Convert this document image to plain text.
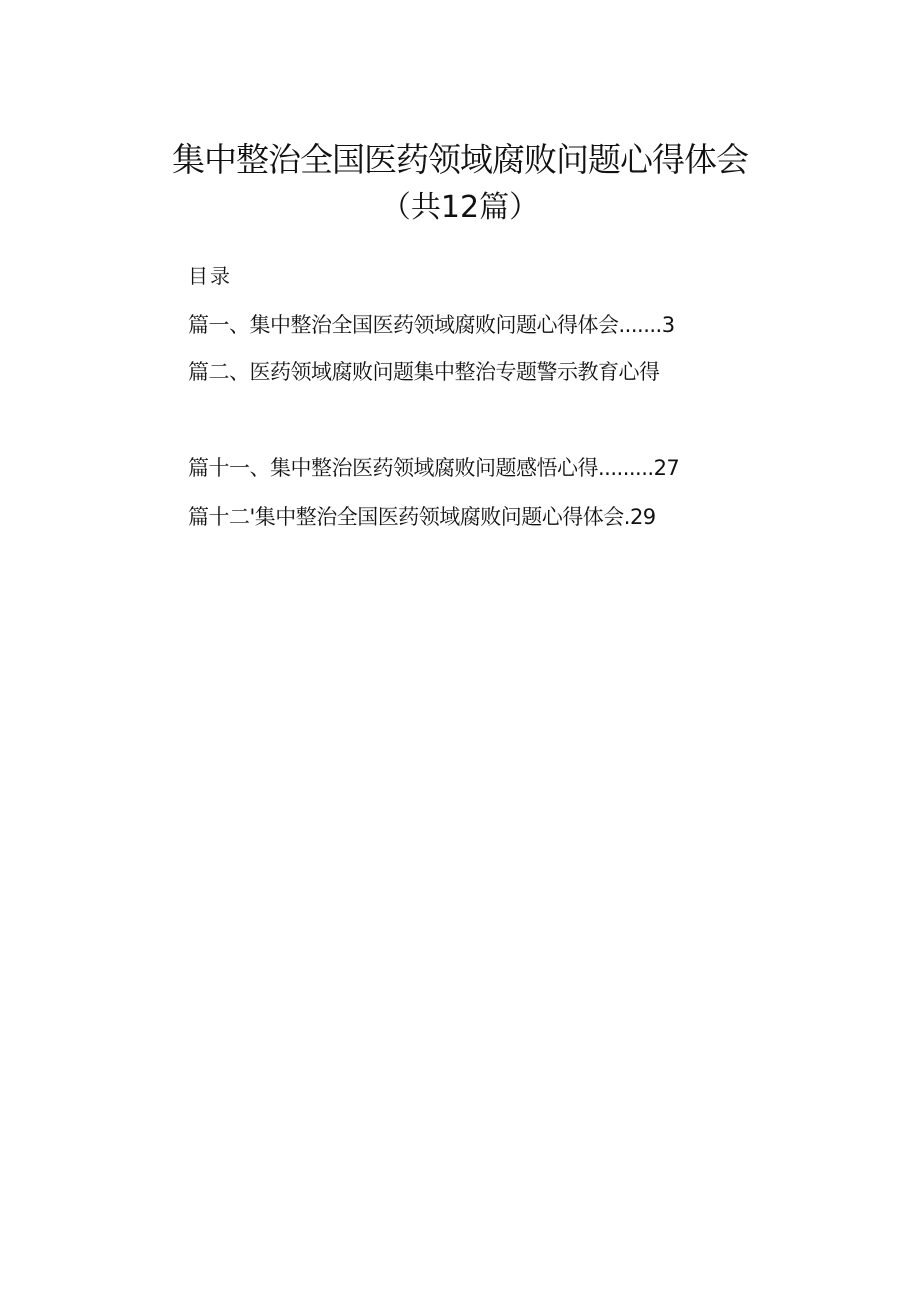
集中整治全国医药领域腐败问题心得体会
（共12篇）
目录
篇一、集中整治全国医药领域腐败问题心得体会.......3
篇二、医药领域腐败问题集中整治专题警示教育心得
篇十一、集中整治医药领域腐败问题感悟心得.........27
篇十二'集中整治全国医药领域腐败问题心得体会.29
